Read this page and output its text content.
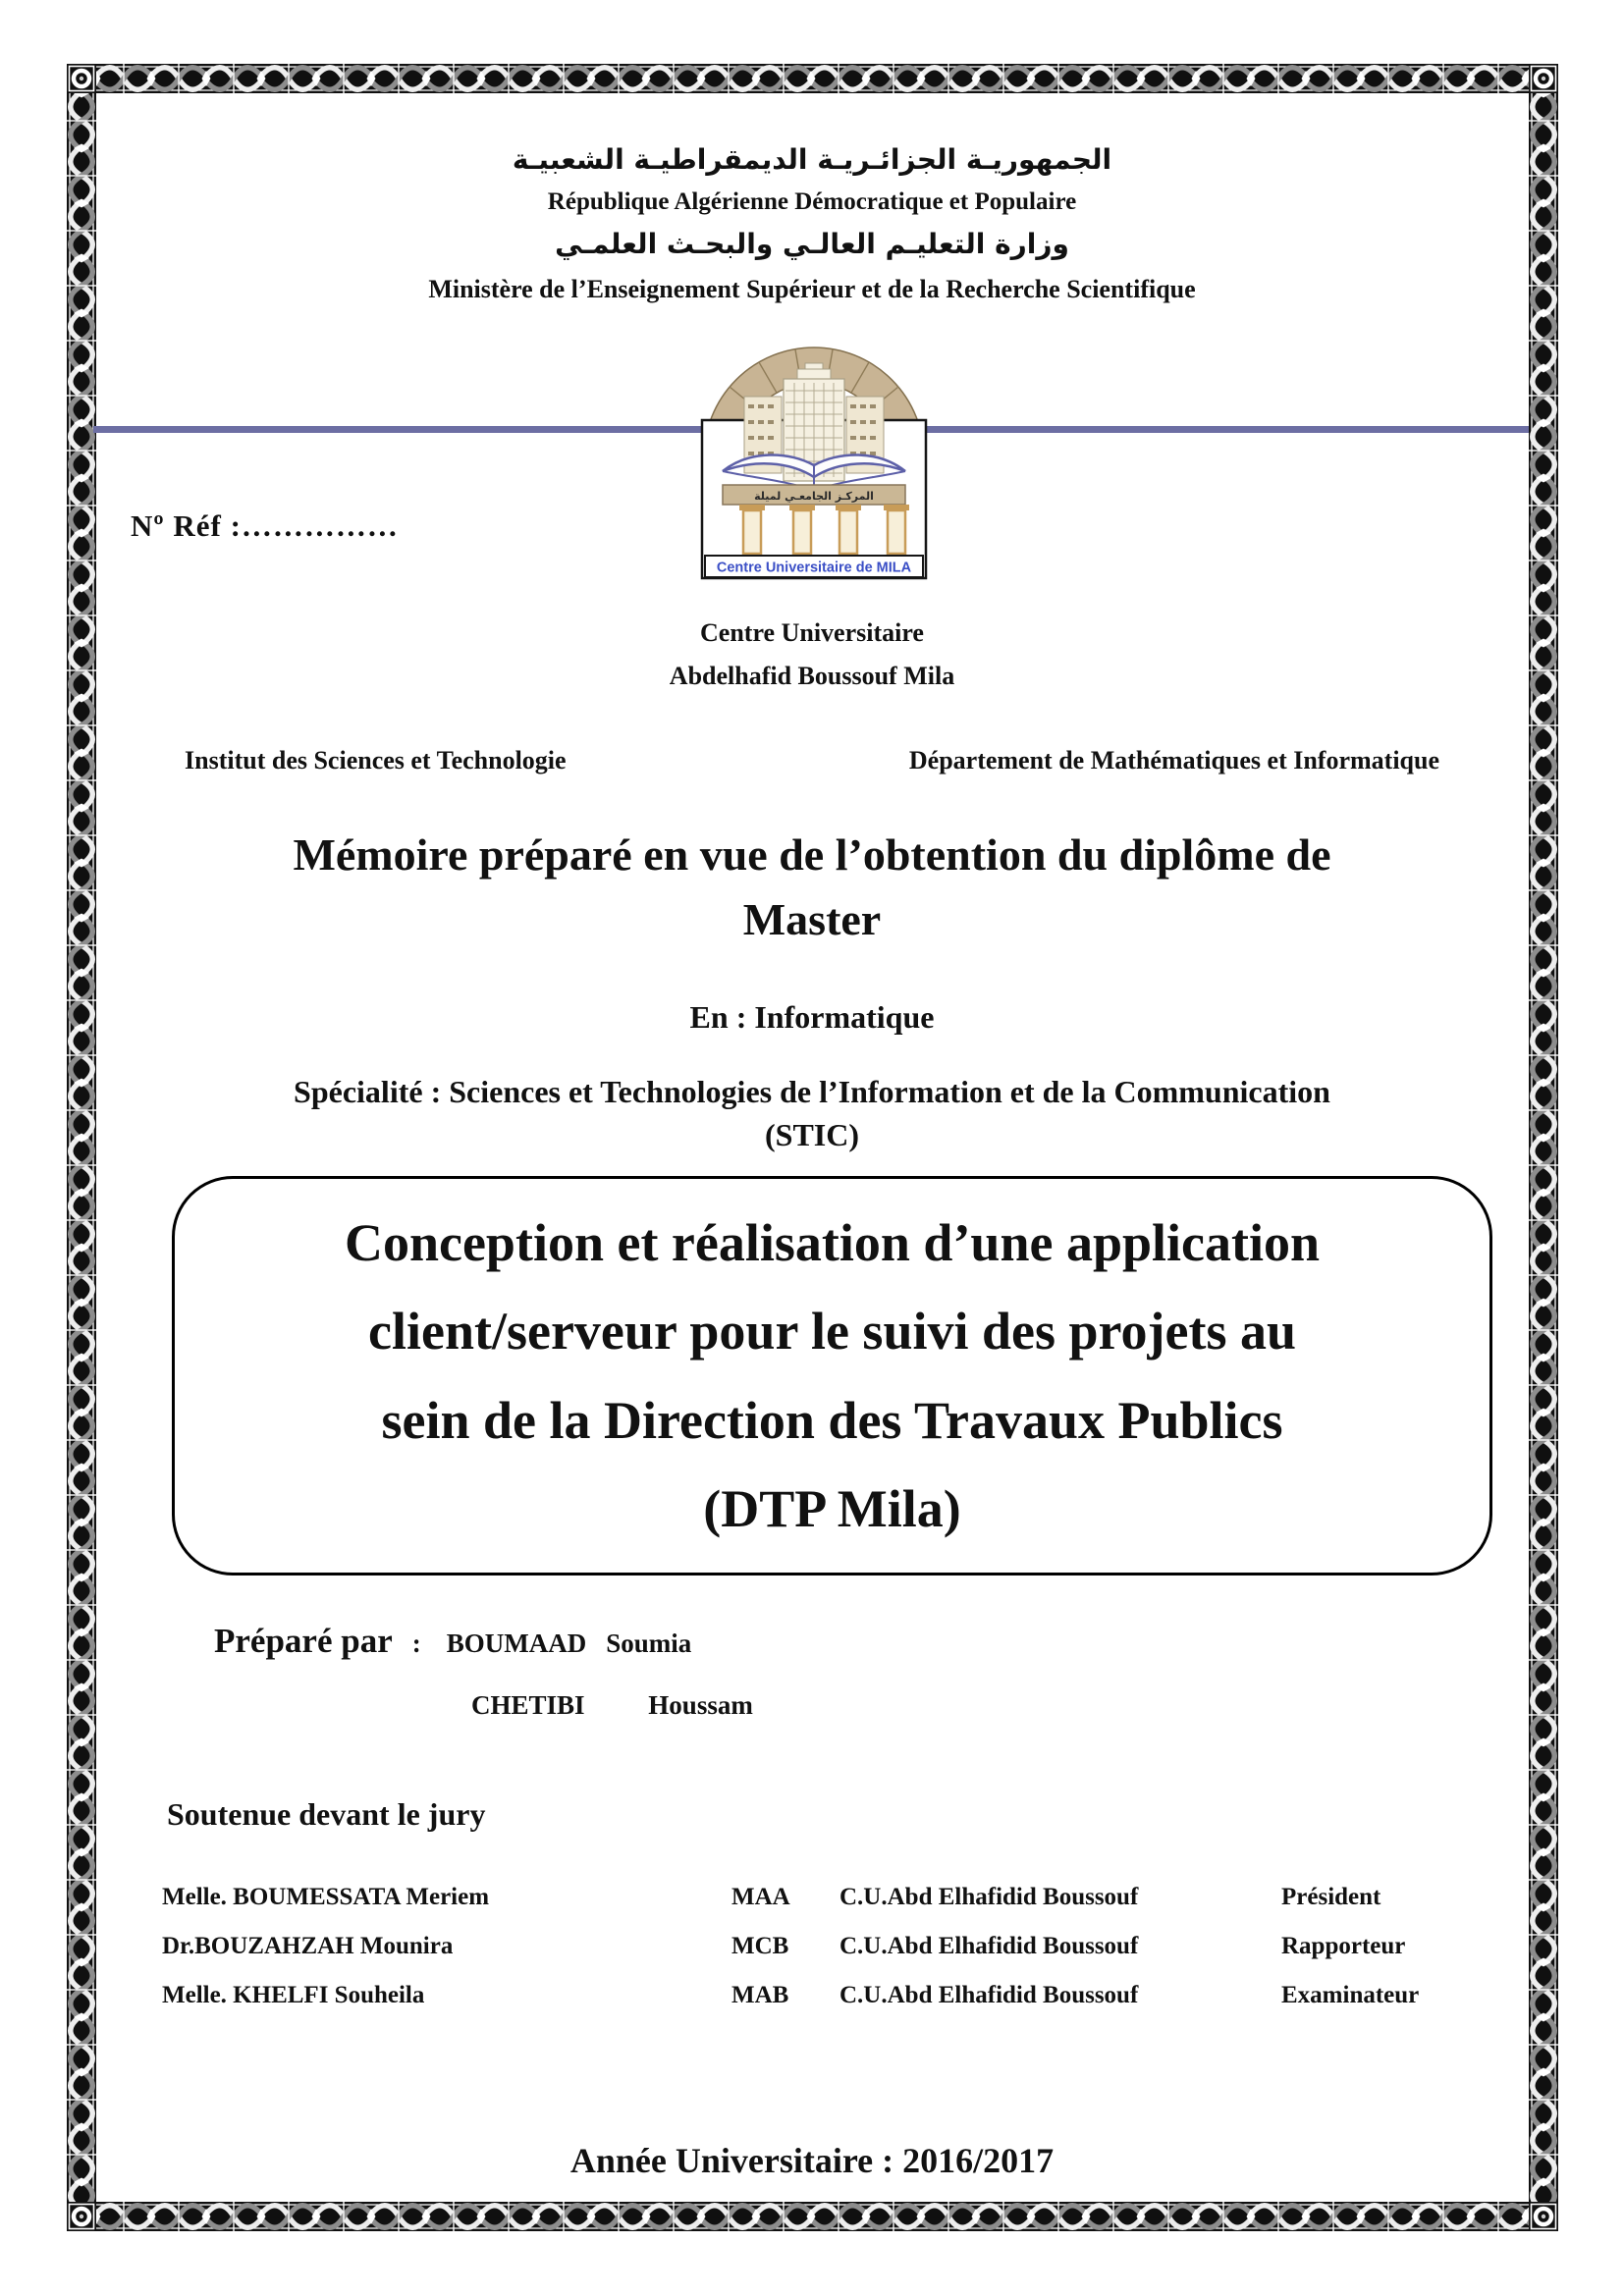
الجمهوريـة الجزائـريـة الديمقراطيـة الشعبيـة
République Algérienne Démocratique et Populaire
وزارة التعليـم العالـي والبحـث العلمـي
Ministère de l’Enseignement Supérieur et de la Recherche Scientifique
Nº Réf :……………
المركـز الجامعـي لميلة
Centre Universitaire de MILA
Centre Universitaire
Abdelhafid Boussouf Mila
Institut des Sciences et Technologie	Département de Mathématiques et Informatique
Mémoire préparé en vue de l’obtention du diplôme de
Master
En : Informatique
Spécialité : Sciences et Technologies de l’Information et de la Communication
(STIC)
Conception et réalisation d’une application
client/serveur pour le suivi des projets au
sein de la Direction des Travaux Publics
(DTP Mila)
Préparé par : BOUMAAD Soumia
CHETIBI Houssam
Soutenue devant le jury
Melle. BOUMESSATA Meriem	MAA	C.U.Abd Elhafidid Boussouf	Président
Dr.BOUZAHZAH Mounira	MCB	C.U.Abd Elhafidid Boussouf	Rapporteur
Melle. KHELFI Souheila	MAB	C.U.Abd Elhafidid Boussouf	Examinateur
Année Universitaire : 2016/2017
